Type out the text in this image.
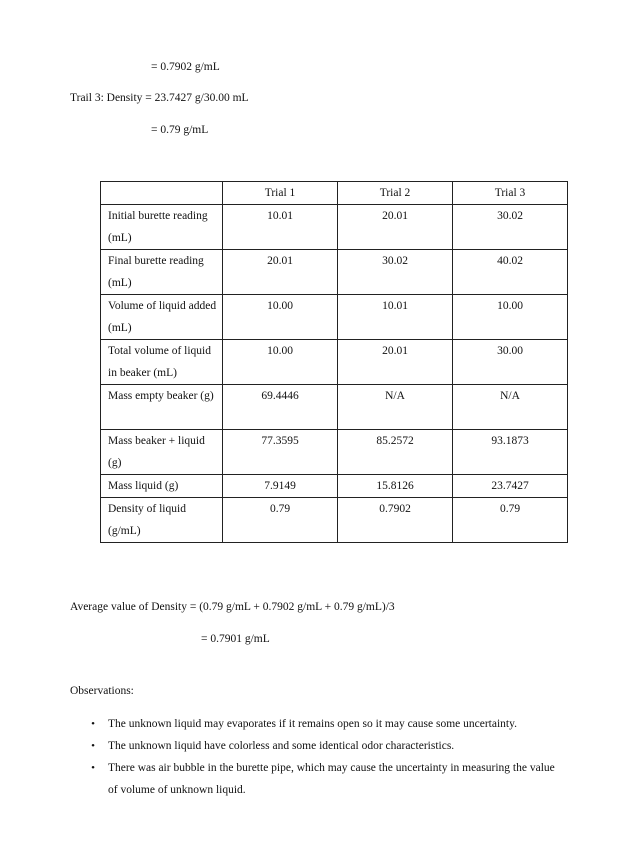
= 0.7902 g/mL
Trail 3: Density = 23.7427 g/30.00 mL
= 0.79 g/mL
	Trial 1	Trial 2	Trial 3
Initial burette reading (mL)	10.01	20.01	30.02
Final burette reading (mL)	20.01	30.02	40.02
Volume of liquid added (mL)	10.00	10.01	10.00
Total volume of liquid in beaker (mL)	10.00	20.01	30.00
Mass empty beaker (g)	69.4446	N/A	N/A
Mass beaker + liquid (g)	77.3595	85.2572	93.1873
Mass liquid (g)	7.9149	15.8126	23.7427
Density of liquid (g/mL)	0.79	0.7902	0.79
Average value of Density = (0.79 g/mL + 0.7902 g/mL + 0.79 g/mL)/3
= 0.7901 g/mL
Observations:
• The unknown liquid may evaporates if it remains open so it may cause some uncertainty.
• The unknown liquid have colorless and some identical odor characteristics.
• There was air bubble in the burette pipe, which may cause the uncertainty in measuring the value of volume of unknown liquid.
